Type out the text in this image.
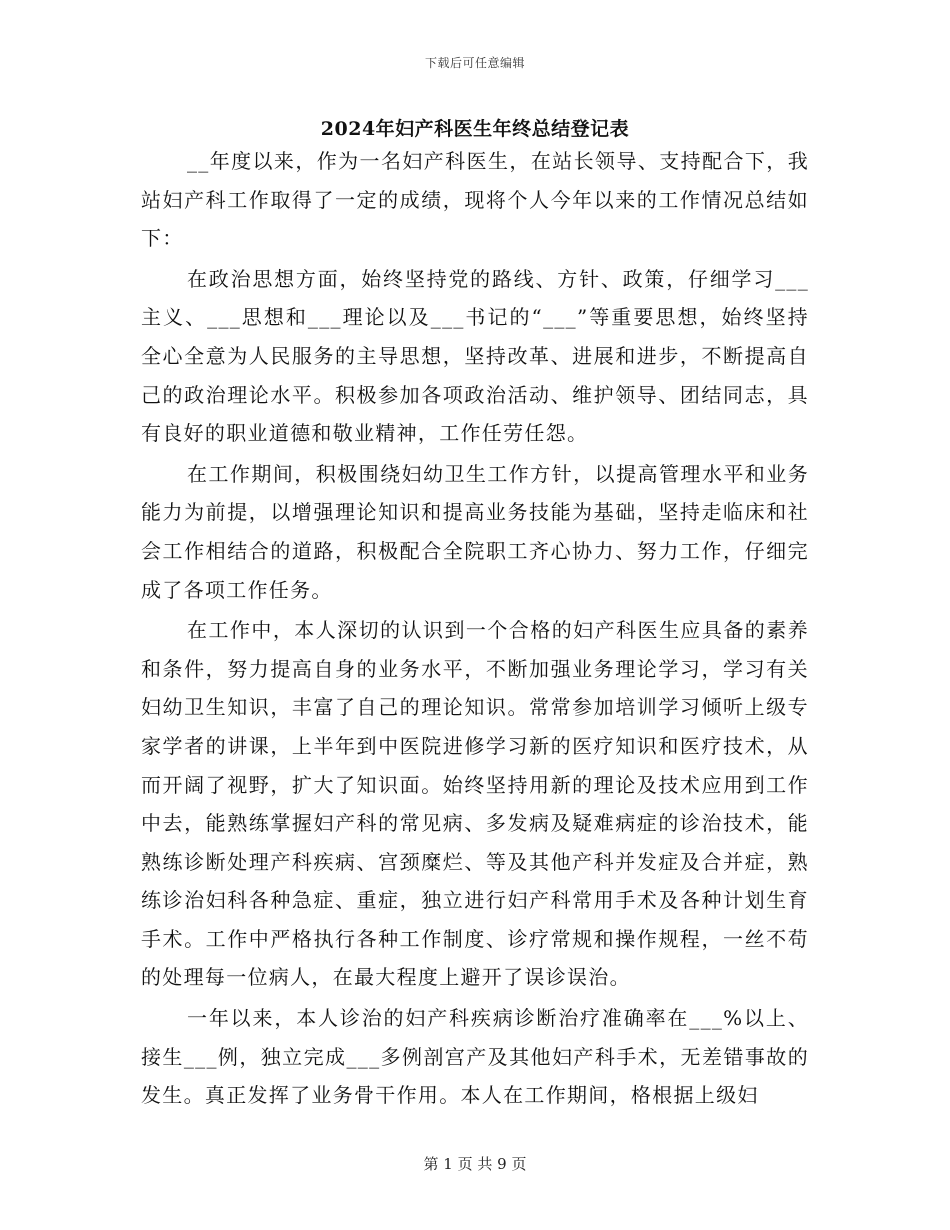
下载后可任意编辑
2024年妇产科医生年终总结登记表

__年度以来，作为一名妇产科医生，在站长领导、支持配合下，我站妇产科工作取得了一定的成绩，现将个人今年以来的工作情况总结如下：

在政治思想方面，始终坚持党的路线、方针、政策，仔细学习___主义、___思想和___理论以及___书记的“___”等重要思想，始终坚持全心全意为人民服务的主导思想，坚持改革、进展和进步，不断提高自己的政治理论水平。积极参加各项政治活动、维护领导、团结同志，具有良好的职业道德和敬业精神，工作任劳任怨。

在工作期间，积极围绕妇幼卫生工作方针，以提高管理水平和业务能力为前提，以增强理论知识和提高业务技能为基础，坚持走临床和社会工作相结合的道路，积极配合全院职工齐心协力、努力工作，仔细完成了各项工作任务。

在工作中，本人深切的认识到一个合格的妇产科医生应具备的素养和条件，努力提高自身的业务水平，不断加强业务理论学习，学习有关妇幼卫生知识，丰富了自己的理论知识。常常参加培训学习倾听上级专家学者的讲课，上半年到中医院进修学习新的医疗知识和医疗技术，从而开阔了视野，扩大了知识面。始终坚持用新的理论及技术应用到工作中去，能熟练掌握妇产科的常见病、多发病及疑难病症的诊治技术，能熟练诊断处理产科疾病、宫颈糜烂、等及其他产科并发症及合并症，熟练诊治妇科各种急症、重症，独立进行妇产科常用手术及各种计划生育手术。工作中严格执行各种工作制度、诊疗常规和操作规程，一丝不苟的处理每一位病人，在最大程度上避开了误诊误治。

一年以来，本人诊治的妇产科疾病诊断治疗准确率在___%以上、接生___例，独立完成___多例剖宫产及其他妇产科手术，无差错事故的发生。真正发挥了业务骨干作用。本人在工作期间，格根据上级妇

第 1 页 共 9 页
